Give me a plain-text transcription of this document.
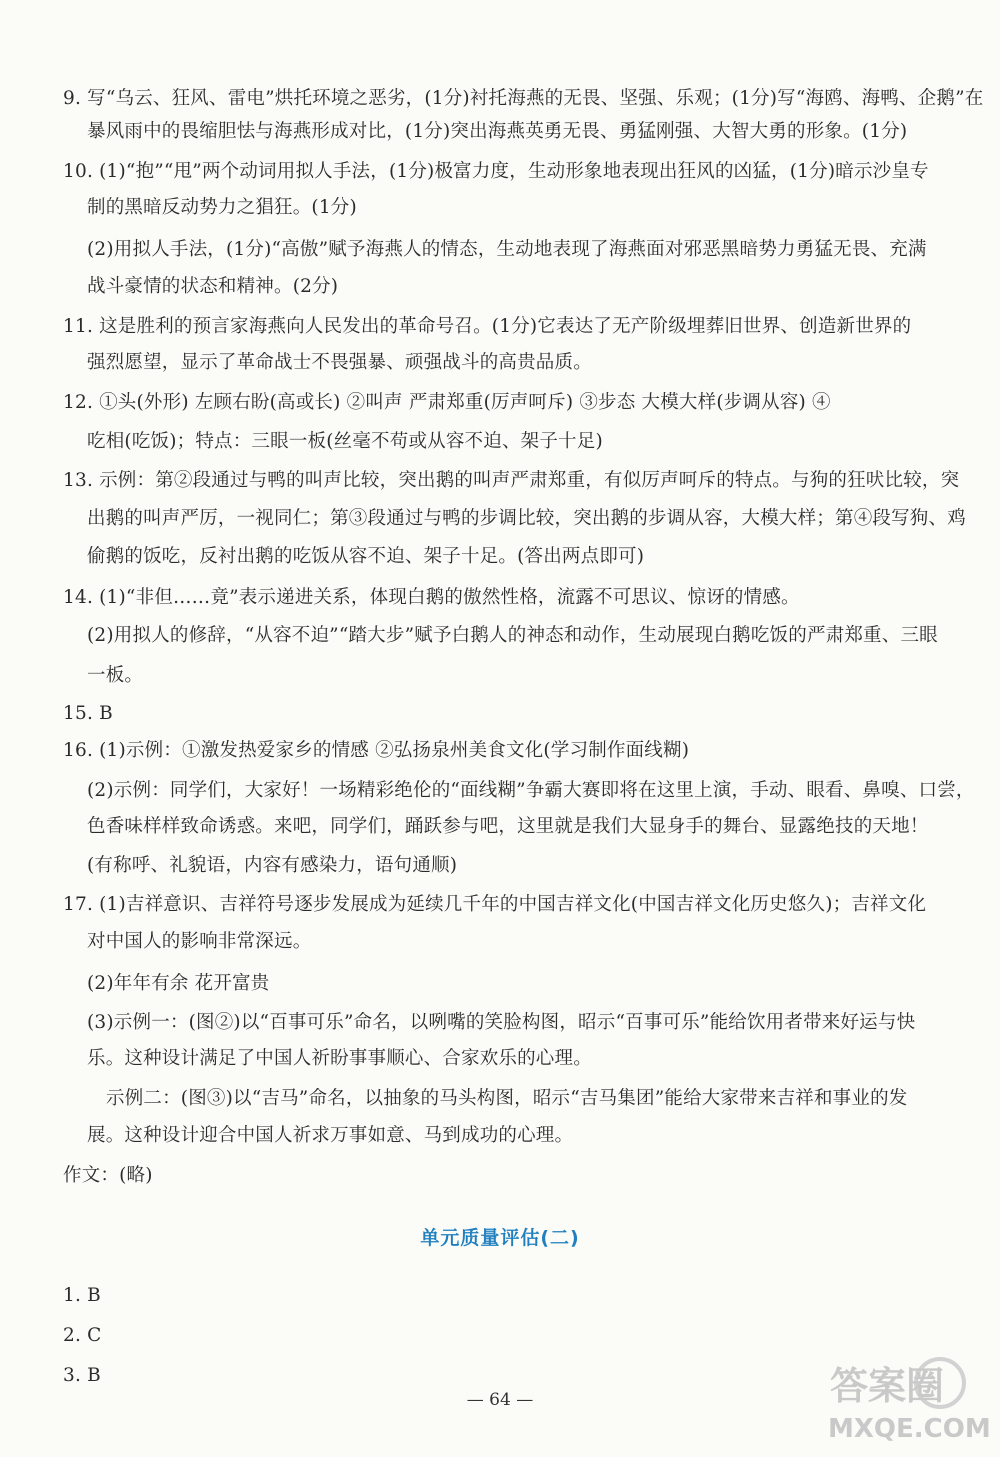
9. 写“乌云、狂风、雷电”烘托环境之恶劣，(1分)衬托海燕的无畏、坚强、乐观；(1分)写“海鸥、海鸭、企鹅”在
暴风雨中的畏缩胆怯与海燕形成对比，(1分)突出海燕英勇无畏、勇猛刚强、大智大勇的形象。(1分)
10. (1)“抱”“甩”两个动词用拟人手法，(1分)极富力度，生动形象地表现出狂风的凶猛，(1分)暗示沙皇专
制的黑暗反动势力之猖狂。(1分)
(2)用拟人手法，(1分)“高傲”赋予海燕人的情态，生动地表现了海燕面对邪恶黑暗势力勇猛无畏、充满
战斗豪情的状态和精神。(2分)
11. 这是胜利的预言家海燕向人民发出的革命号召。(1分)它表达了无产阶级埋葬旧世界、创造新世界的
强烈愿望，显示了革命战士不畏强暴、顽强战斗的高贵品质。
12. ①头(外形) 左顾右盼(高或长) ②叫声 严肃郑重(厉声呵斥) ③步态 大模大样(步调从容) ④
吃相(吃饭)；特点：三眼一板(丝毫不苟或从容不迫、架子十足)
13. 示例：第②段通过与鸭的叫声比较，突出鹅的叫声严肃郑重，有似厉声呵斥的特点。与狗的狂吠比较，突
出鹅的叫声严厉，一视同仁；第③段通过与鸭的步调比较，突出鹅的步调从容，大模大样；第④段写狗、鸡
偷鹅的饭吃，反衬出鹅的吃饭从容不迫、架子十足。(答出两点即可)
14. (1)“非但……竟”表示递进关系，体现白鹅的傲然性格，流露不可思议、惊讶的情感。
(2)用拟人的修辞，“从容不迫”“踏大步”赋予白鹅人的神态和动作，生动展现白鹅吃饭的严肃郑重、三眼
一板。
15. B
16. (1)示例：①激发热爱家乡的情感 ②弘扬泉州美食文化(学习制作面线糊)
(2)示例：同学们，大家好！一场精彩绝伦的“面线糊”争霸大赛即将在这里上演，手动、眼看、鼻嗅、口尝，
色香味样样致命诱惑。来吧，同学们，踊跃参与吧，这里就是我们大显身手的舞台、显露绝技的天地！
(有称呼、礼貌语，内容有感染力，语句通顺)
17. (1)吉祥意识、吉祥符号逐步发展成为延续几千年的中国吉祥文化(中国吉祥文化历史悠久)；吉祥文化
对中国人的影响非常深远。
(2)年年有余 花开富贵
(3)示例一：(图②)以“百事可乐”命名，以咧嘴的笑脸构图，昭示“百事可乐”能给饮用者带来好运与快
乐。这种设计满足了中国人祈盼事事顺心、合家欢乐的心理。
示例二：(图③)以“吉马”命名，以抽象的马头构图，昭示“吉马集团”能给大家带来吉祥和事业的发
展。这种设计迎合中国人祈求万事如意、马到成功的心理。
作文：(略)
单元质量评估(二)
1. B
2. C
3. B
— 64 —	答案圈
MXQE.COM
